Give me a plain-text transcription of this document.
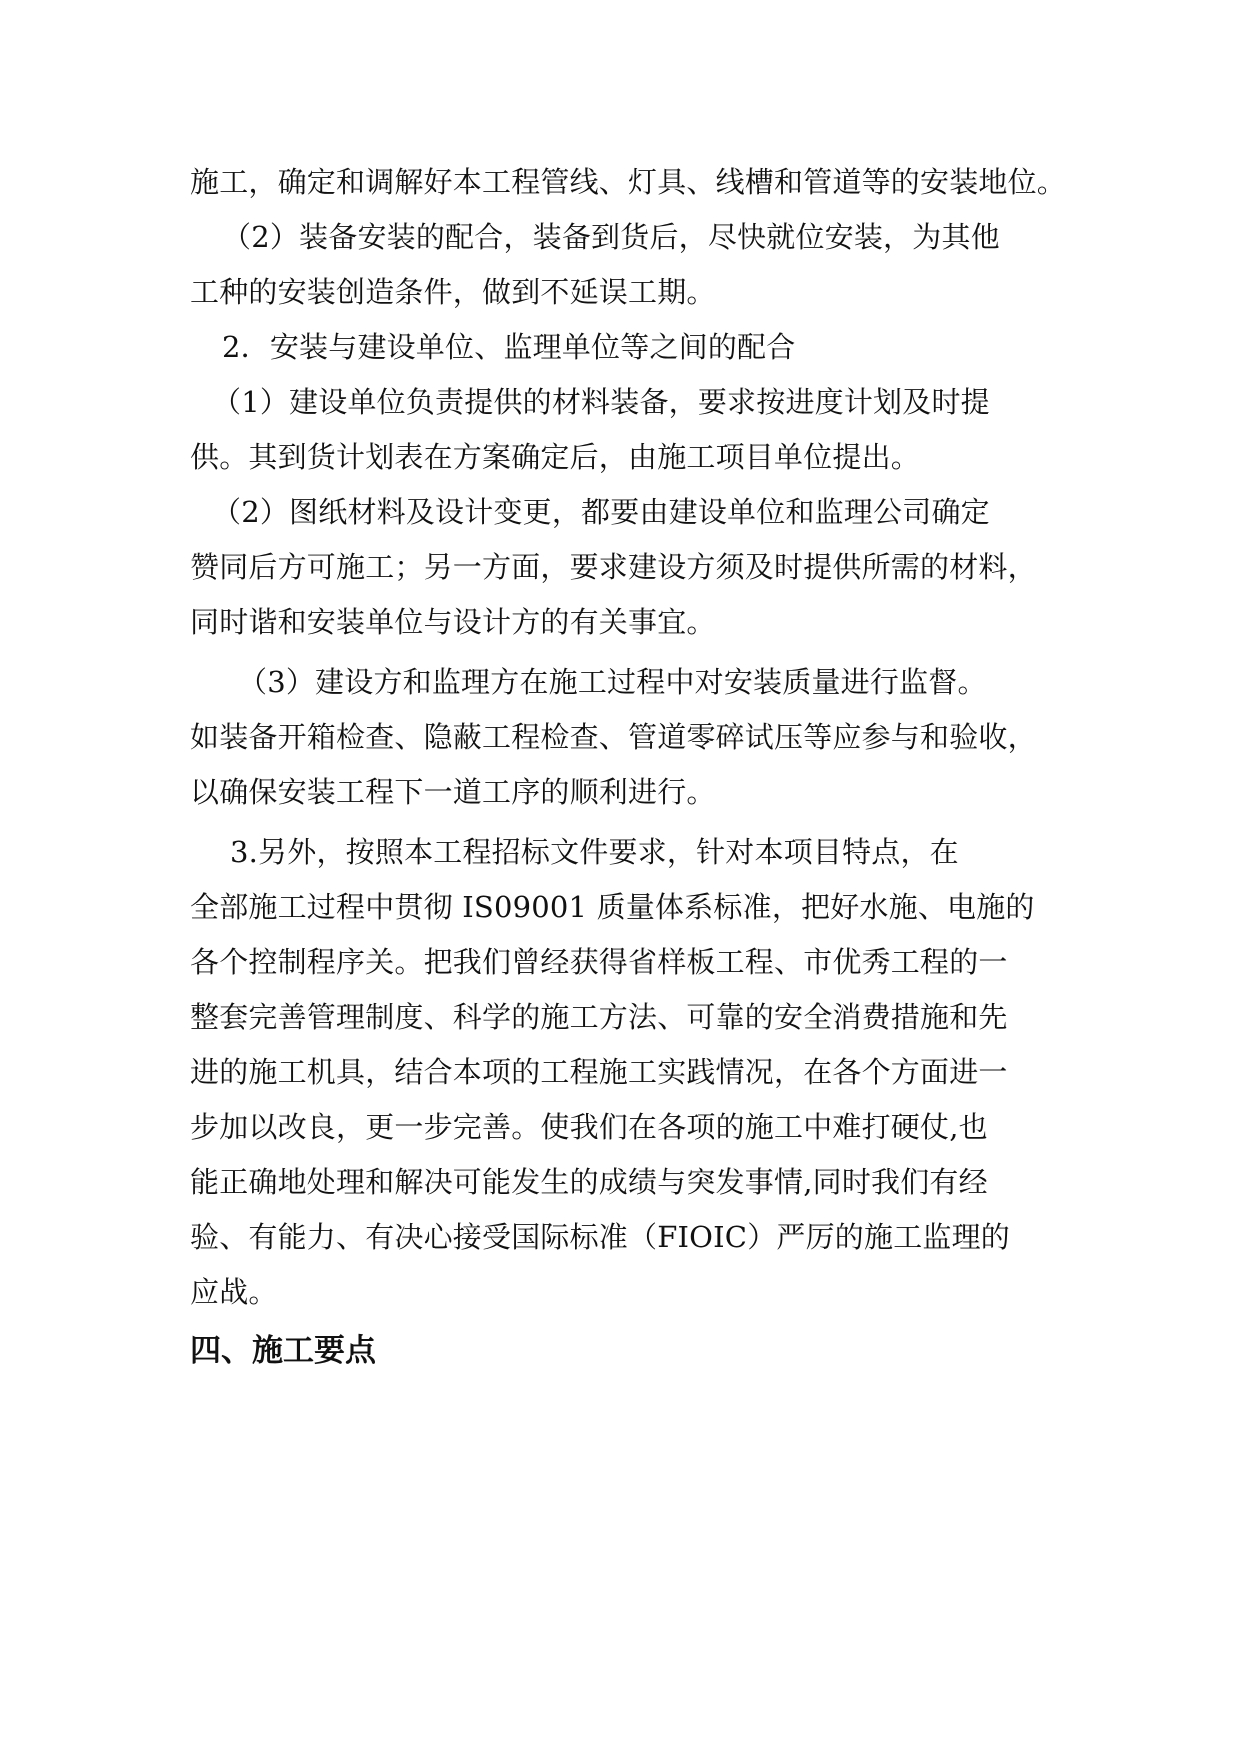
施工，确定和调解好本工程管线、灯具、线槽和管道等的安装地位。
（2）装备安装的配合，装备到货后，尽快就位安装，为其他
工种的安装创造条件，做到不延误工期。
2．安装与建设单位、监理单位等之间的配合
（1）建设单位负责提供的材料装备，要求按进度计划及时提
供。其到货计划表在方案确定后，由施工项目单位提出。
（2）图纸材料及设计变更，都要由建设单位和监理公司确定
赞同后方可施工；另一方面，要求建设方须及时提供所需的材料，
同时谐和安装单位与设计方的有关事宜。
（3）建设方和监理方在施工过程中对安装质量进行监督。
如装备开箱检查、隐蔽工程检查、管道零碎试压等应参与和验收，
以确保安装工程下一道工序的顺利进行。
3.另外，按照本工程招标文件要求，针对本项目特点，在
全部施工过程中贯彻 IS09001 质量体系标准，把好水施、电施的
各个控制程序关。把我们曾经获得省样板工程、市优秀工程的一
整套完善管理制度、科学的施工方法、可靠的安全消费措施和先
进的施工机具，结合本项的工程施工实践情况，在各个方面进一
步加以改良，更一步完善。使我们在各项的施工中难打硬仗,也
能正确地处理和解决可能发生的成绩与突发事情,同时我们有经
验、有能力、有决心接受国际标准（FIOIC）严厉的施工监理的
应战。
四、施工要点
